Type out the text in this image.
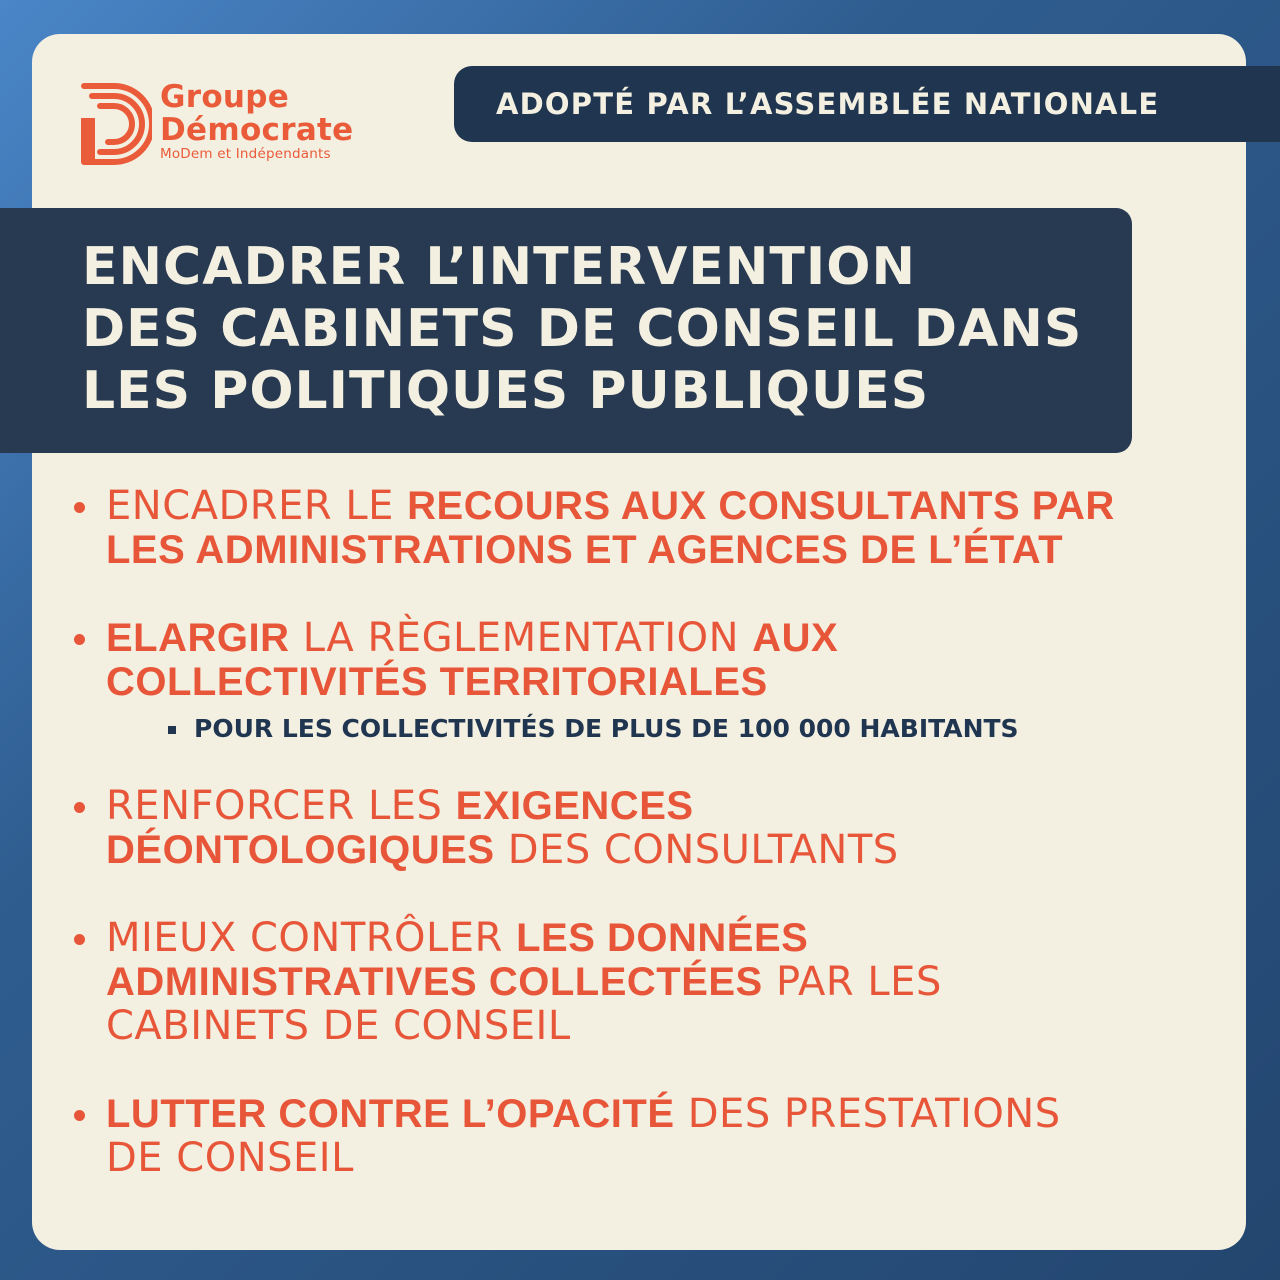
Groupe
Démocrate
MoDem et Indépendants
ADOPTÉ PAR L’ASSEMBLÉE NATIONALE
ENCADRER L’INTERVENTION
DES CABINETS DE CONSEIL DANS
LES POLITIQUES PUBLIQUES
ENCADRER LE RECOURS AUX CONSULTANTS PAR
LES ADMINISTRATIONS ET AGENCES DE L’ÉTAT
ELARGIR LA RÈGLEMENTATION AUX
COLLECTIVITÉS TERRITORIALES
POUR LES COLLECTIVITÉS DE PLUS DE 100 000 HABITANTS
RENFORCER LES EXIGENCES
DÉONTOLOGIQUES DES CONSULTANTS
MIEUX CONTRÔLER LES DONNÉES
ADMINISTRATIVES COLLECTÉES PAR LES
CABINETS DE CONSEIL
LUTTER CONTRE L’OPACITÉ DES PRESTATIONS
DE CONSEIL
